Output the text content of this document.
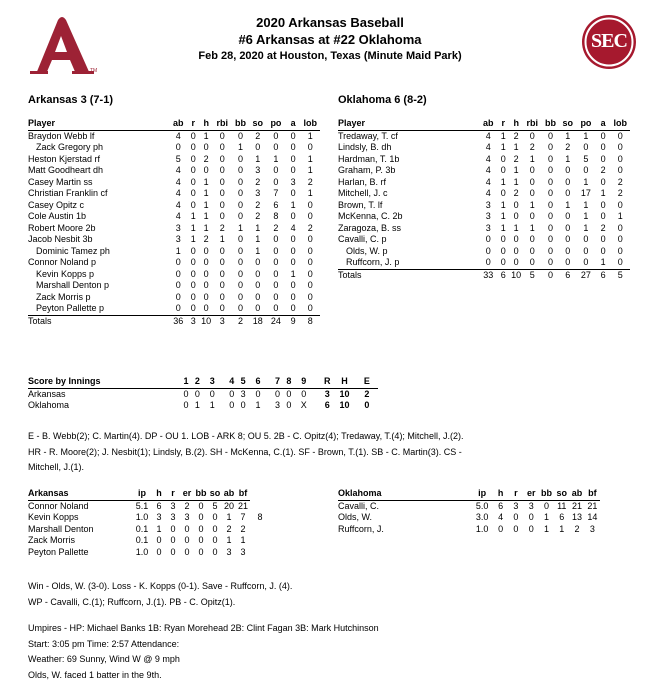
TM
SEC
2020 Arkansas Baseball
#6 Arkansas at #22 Oklahoma
Feb 28, 2020 at Houston, Texas (Minute Maid Park)
Arkansas 3 (7-1)	Oklahoma 6 (8-2)
Player	ab	r	h	rbi	bb	so	po	a	lob
Braydon Webb lf	4	0	1	0	0	2	0	0	1
Zack Gregory ph	0	0	0	0	1	0	0	0	0
Heston Kjerstad rf	5	0	2	0	0	1	1	0	1
Matt Goodheart dh	4	0	0	0	0	3	0	0	1
Casey Martin ss	4	0	1	0	0	2	0	3	2
Christian Franklin cf	4	0	1	0	0	3	7	0	1
Casey Opitz c	4	0	1	0	0	2	6	1	0
Cole Austin 1b	4	1	1	0	0	2	8	0	0
Robert Moore 2b	3	1	1	2	1	1	2	4	2
Jacob Nesbit 3b	3	1	2	1	0	1	0	0	0
Dominic Tamez ph	1	0	0	0	0	1	0	0	0
Connor Noland p	0	0	0	0	0	0	0	0	0
Kevin Kopps p	0	0	0	0	0	0	0	1	0
Marshall Denton p	0	0	0	0	0	0	0	0	0
Zack Morris p	0	0	0	0	0	0	0	0	0
Peyton Pallette p	0	0	0	0	0	0	0	0	0
Totals	36	3	10	3	2	18	24	9	8
Player	ab	r	h	rbi	bb	so	po	a	lob
Tredaway, T. cf	4	1	2	0	0	1	1	0	0
Lindsly, B. dh	4	1	1	2	0	2	0	0	0
Hardman, T. 1b	4	0	2	1	0	1	5	0	0
Graham, P. 3b	4	0	1	0	0	0	0	2	0
Harlan, B. rf	4	1	1	0	0	0	1	0	2
Mitchell, J. c	4	0	2	0	0	0	17	1	2
Brown, T. lf	3	1	0	1	0	1	1	0	0
McKenna, C. 2b	3	1	0	0	0	0	1	0	1
Zaragoza, B. ss	3	1	1	1	0	0	1	2	0
Cavalli, C. p	0	0	0	0	0	0	0	0	0
Olds, W. p	0	0	0	0	0	0	0	0	0
Ruffcorn, J. p	0	0	0	0	0	0	0	1	0
Totals	33	6	10	5	0	6	27	6	5
Score by Innings	1	2	3	4	5	6	7	8	9	R	H	E
Arkansas	0	0	0	0	3	0	0	0	0	3	10	2
Oklahoma	0	1	1	0	0	1	3	0	X	6	10	0
E - B. Webb(2); C. Martin(4). DP - OU 1. LOB - ARK 8; OU 5. 2B - C. Opitz(4); Tredaway, T.(4); Mitchell, J.(2).
HR - R. Moore(2); J. Nesbit(1); Lindsly, B.(2). SH - McKenna, C.(1). SF - Brown, T.(1). SB - C. Martin(3). CS -
Mitchell, J.(1).
Arkansas	ip	h	r	er	bb	so	ab	bf	
Connor Noland	5.1	6	3	2	0	5	20	21	
Kevin Kopps	1.0	3	3	3	0	0	1	7	8
Marshall Denton	0.1	1	0	0	0	0	2	2	
Zack Morris	0.1	0	0	0	0	0	1	1	
Peyton Pallette	1.0	0	0	0	0	0	3	3	
Oklahoma	ip	h	r	er	bb	so	ab	bf
Cavalli, C.	5.0	6	3	3	0	11	21	21
Olds, W.	3.0	4	0	0	1	6	13	14
Ruffcorn, J.	1.0	0	0	0	1	1	2	3
Win - Olds, W. (3-0). Loss - K. Kopps (0-1). Save - Ruffcorn, J. (4).
WP - Cavalli, C.(1); Ruffcorn, J.(1). PB - C. Opitz(1).
Umpires - HP: Michael Banks 1B: Ryan Morehead 2B: Clint Fagan 3B: Mark Hutchinson
Start: 3:05 pm Time: 2:57 Attendance:
Weather: 69 Sunny, Wind W @ 9 mph
Olds, W. faced 1 batter in the 9th.
